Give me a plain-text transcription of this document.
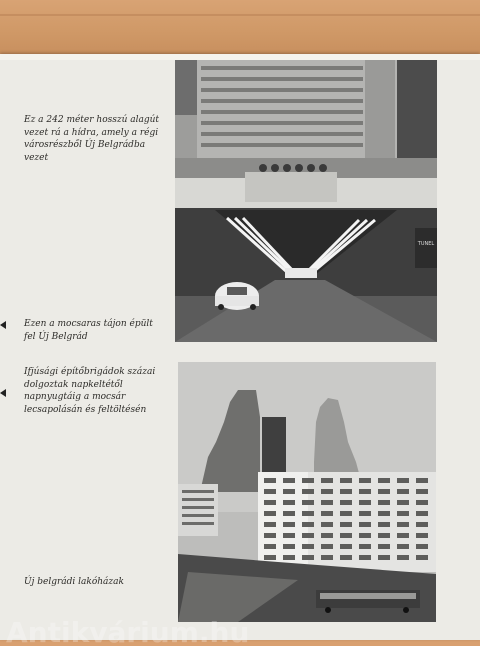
Ez a 242 méter hosszú alagút vezet rá a hídra, amely a régi városrészből Új Belgrádba vezet
Ezen a mocsaras tájon épült fel Új Belgrád
Ifjúsági építőbrigádok százai dolgoztak napkeltétől napnyugtáig a mocsár lecsapolásán és feltöltésén
Új belgrádi lakóházak
TUNEL
Antikvárium.hu
